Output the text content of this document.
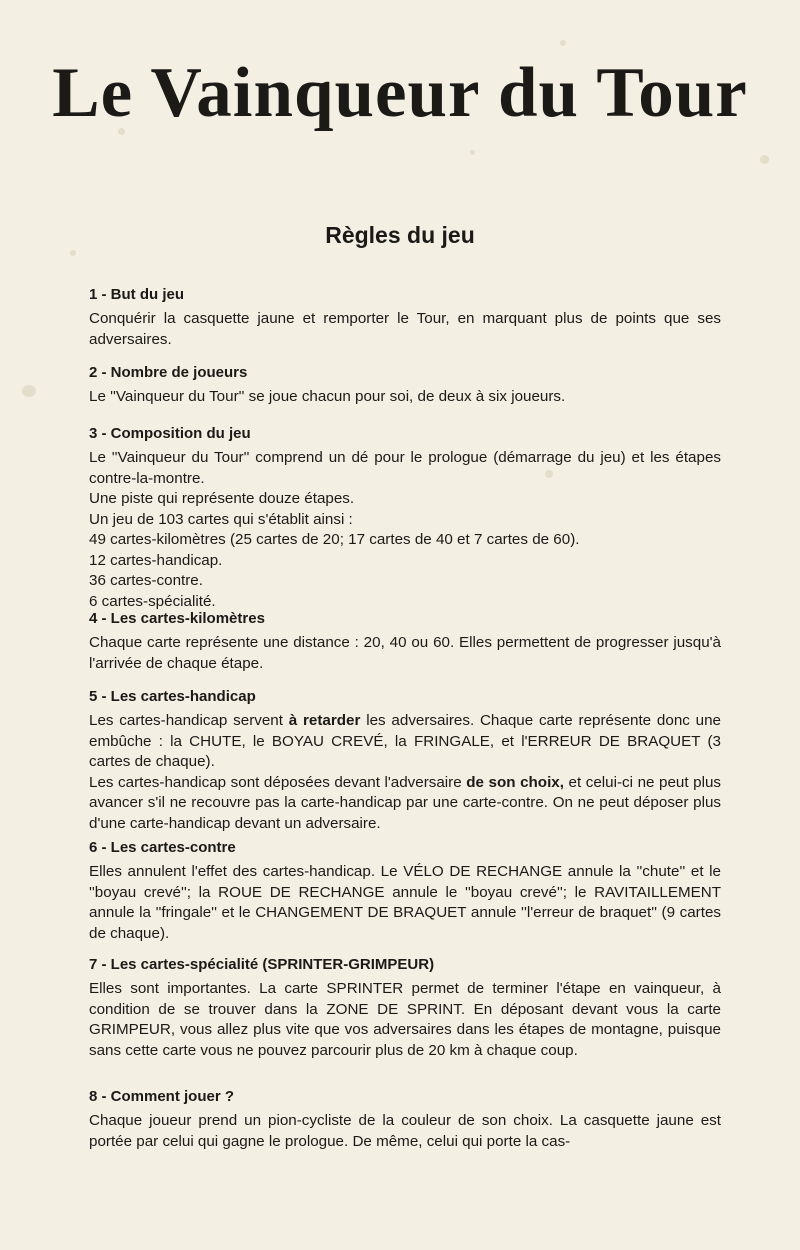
Le Vainqueur du Tour
Règles du jeu

1 - But du jeu

Conquérir la casquette jaune et remporter le Tour, en marquant plus de points que ses adversaires.

2 - Nombre de joueurs

Le ''Vainqueur du Tour'' se joue chacun pour soi, de deux à six joueurs.

3 - Composition du jeu

Le ''Vainqueur du Tour'' comprend un dé pour le prologue (démarrage du jeu) et les étapes contre-la-montre.
Une piste qui représente douze étapes.
Un jeu de 103 cartes qui s'établit ainsi :
49 cartes-kilomètres (25 cartes de 20; 17 cartes de 40 et 7 cartes de 60).
12 cartes-handicap.
36 cartes-contre.
6 cartes-spécialité.

4 - Les cartes-kilomètres

Chaque carte représente une distance : 20, 40 ou 60. Elles permettent de progresser jusqu'à l'arrivée de chaque étape.

5 - Les cartes-handicap

Les cartes-handicap servent à retarder les adversaires. Chaque carte représente donc une embûche : la CHUTE, le BOYAU CREVÉ, la FRINGALE, et l'ERREUR DE BRAQUET (3 cartes de chaque).

Les cartes-handicap sont déposées devant l'adversaire de son choix, et celui-ci ne peut plus avancer s'il ne recouvre pas la carte-handicap par une carte-contre. On ne peut déposer plus d'une carte-handicap devant un adversaire.

6 - Les cartes-contre

Elles annulent l'effet des cartes-handicap. Le VÉLO DE RECHANGE annule la ''chute'' et le ''boyau crevé''; la ROUE DE RECHANGE annule le ''boyau crevé''; le RAVITAILLEMENT annule la ''fringale'' et le CHANGEMENT DE BRAQUET annule ''l'erreur de braquet'' (9 cartes de chaque).

7 - Les cartes-spécialité (SPRINTER-GRIMPEUR)

Elles sont importantes. La carte SPRINTER permet de terminer l'étape en vainqueur, à condition de se trouver dans la ZONE DE SPRINT. En déposant devant vous la carte GRIMPEUR, vous allez plus vite que vos adversaires dans les étapes de montagne, puisque sans cette carte vous ne pouvez parcourir plus de 20 km à chaque coup.

8 - Comment jouer ?

Chaque joueur prend un pion-cycliste de la couleur de son choix. La casquette jaune est portée par celui qui gagne le prologue. De même, celui qui porte la cas-
